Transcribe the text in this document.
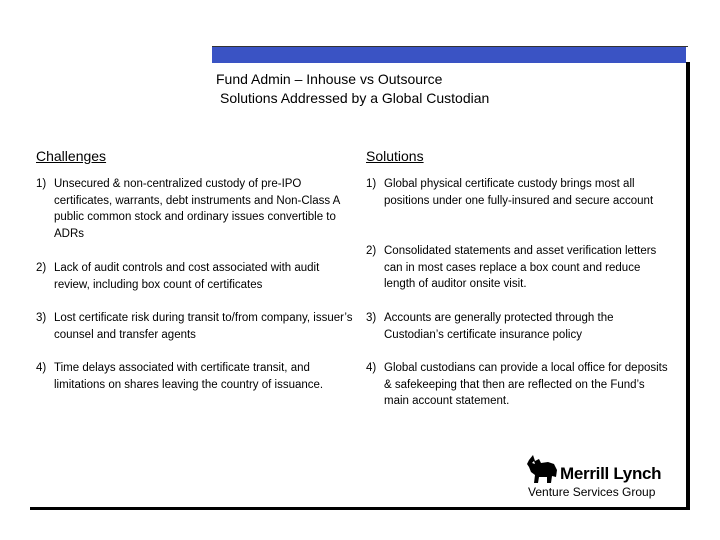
Fund Admin – Inhouse vs Outsource
Solutions Addressed by a Global Custodian
Challenges	Solutions
1) Unsecured & non-centralized custody of pre-IPO certificates, warrants, debt instruments and Non-Class A public common stock and ordinary issues convertible to ADRs
2) Lack of audit controls and cost associated with audit review, including box count of certificates
3) Lost certificate risk during transit to/from company, issuer’s counsel and transfer agents
4) Time delays associated with certificate transit, and limitations on shares leaving the country of issuance.
1) Global physical certificate custody brings most all positions under one fully-insured and secure account
2) Consolidated statements and asset verification letters can in most cases replace a box count and reduce length of auditor onsite visit.
3) Accounts are generally protected through the Custodian’s certificate insurance policy
4) Global custodians can provide a local office for deposits & safekeeping that then are reflected on the Fund’s main account statement.
Merrill Lynch
Venture Services Group
